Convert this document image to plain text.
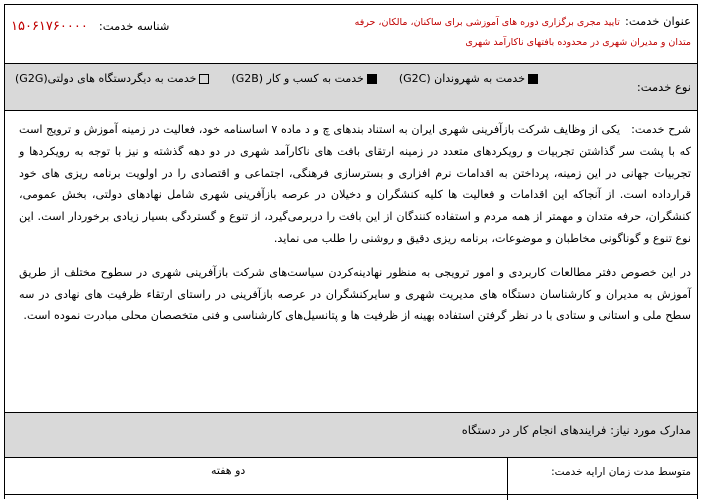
عنوان خدمت: تایید مجری برگزاری دوره های آموزشی برای ساکنان، مالکان، حرفه متدان و مدیران شهری در محدوده بافتهای ناکارآمد شهری
شناسه خدمت: ۱۵۰۶۱۷۶۰۰۰۰
نوع خدمت:
خدمت به شهروندان (G2C)
خدمت به کسب و کار (G2B)
خدمت به دیگردستگاه های دولتی(G2G)

شرح خدمت:   یکی از وظایف شرکت بازآفرینی شهری ایران به استناد بندهای چ و د ماده ۷ اساسنامه خود، فعالیت در زمینه آموزش و ترویج است که با پشت سر گذاشتن تجربیات و رویکردهای متعدد در زمینه ارتقای بافت های ناکارآمد شهری در دو دهه گذشته و نیز با توجه به رویکردها و تجربیات جهانی در این زمینه، پرداختن به اقدامات نرم افزاری و بسترسازی فرهنگی، اجتماعی و اقتصادی را در اولویت برنامه ریزی های خود قرارداده است. از آنجاکه این اقدامات و فعالیت ها کلیه کنشگران و دخیلان در عرصه بازآفرینی شهری شامل نهادهای دولتی، بخش عمومی، کنشگران، حرفه متدان و مهمتر از همه مردم و استفاده کنندگان از این بافت را دربرمی‌گیرد، از تنوع و گستردگی بسیار زیادی برخوردار است. این نوع تنوع و گوناگونی مخاطبان و موضوعات، برنامه ریزی دقیق و روشنی را طلب می نماید.

در این خصوص دفتر مطالعات کاربردی و امور ترویجی به منظور نهادینه‌کردن سیاست‌های شرکت بازآفرینی شهری در سطوح مختلف از طریق آموزش به مدیران و کارشناسان دستگاه های مدیریت شهری و سایرکنشگران در عرصه بازآفرینی در راستای ارتقاء ظرفیت های نهادی در سه سطح ملی و استانی و ستادی با در نظر گرفتن استفاده بهینه از ظرفیت ها و پتانسیل‌های کارشناسی و فنی متخصصان محلی مبادرت نموده است.

مدارک مورد نیاز: فرایندهای انجام کار در دستگاه
متوسط مدت زمان ارایه خدمت:
دو هفته
